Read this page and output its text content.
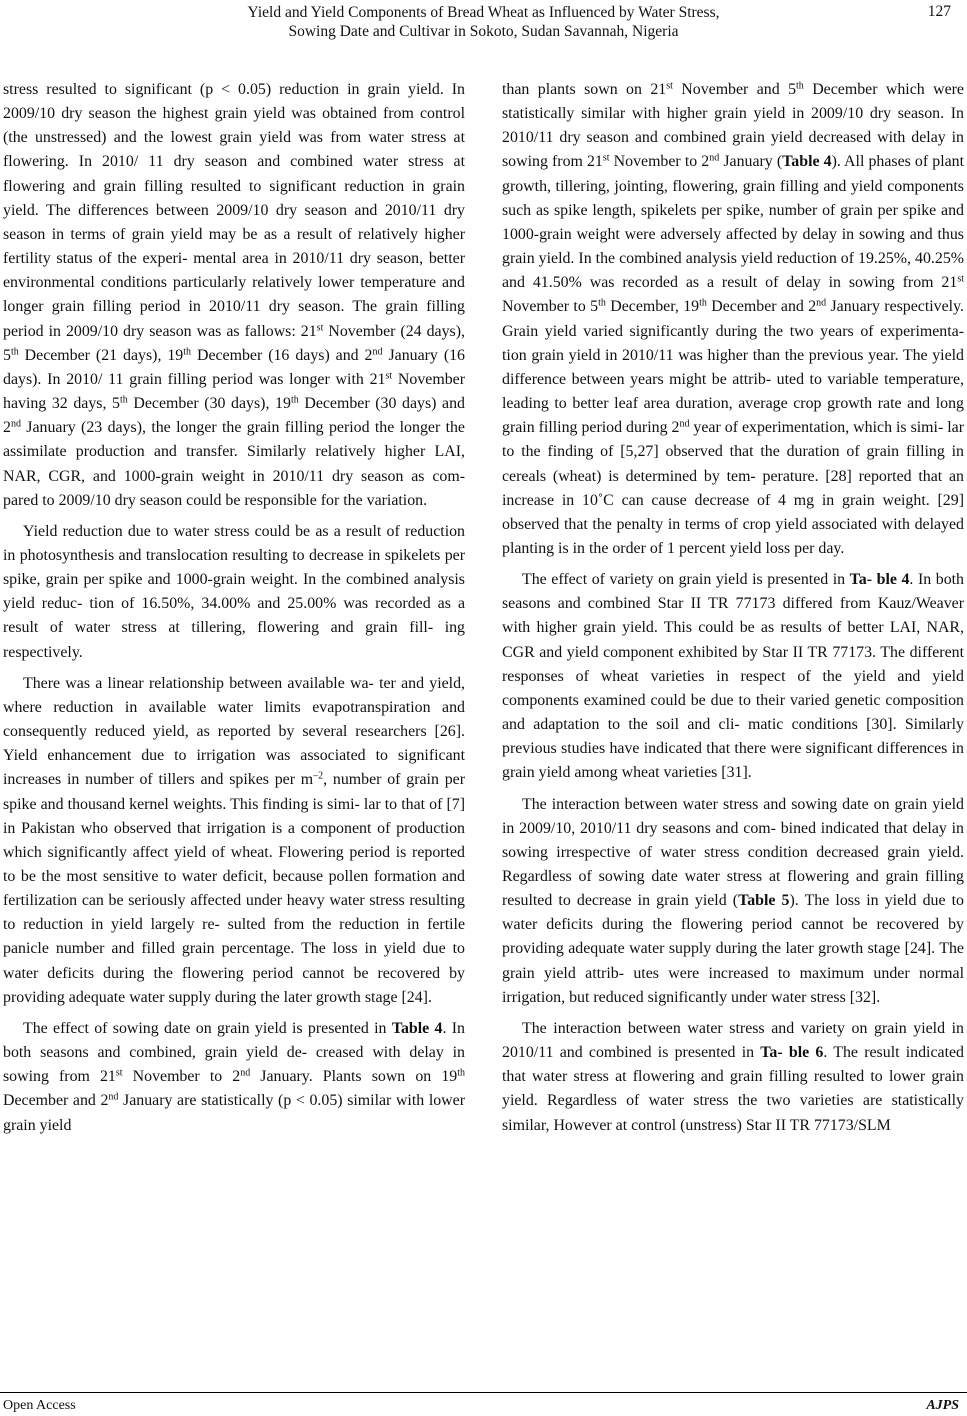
Yield and Yield Components of Bread Wheat as Influenced by Water Stress,
Sowing Date and Cultivar in Sokoto, Sudan Savannah, Nigeria
127

stress resulted to significant (p < 0.05) reduction in grain yield. In 2009/10 dry season the highest grain yield was obtained from control (the unstressed) and the lowest grain yield was from water stress at flowering. In 2010/ 11 dry season and combined water stress at flowering and grain filling resulted to significant reduction in grain yield. The differences between 2009/10 dry season and 2010/11 dry season in terms of grain yield may be as a result of relatively higher fertility status of the experi- mental area in 2010/11 dry season, better environmental conditions particularly relatively lower temperature and longer grain filling period in 2010/11 dry season. The grain filling period in 2009/10 dry season was as fallows: 21st November (24 days), 5th December (21 days), 19th December (16 days) and 2nd January (16 days). In 2010/ 11 grain filling period was longer with 21st November having 32 days, 5th December (30 days), 19th December (30 days) and 2nd January (23 days), the longer the grain filling period the longer the assimilate production and transfer. Similarly relatively higher LAI, NAR, CGR, and 1000-grain weight in 2010/11 dry season as com- pared to 2009/10 dry season could be responsible for the variation.

Yield reduction due to water stress could be as a result of reduction in photosynthesis and translocation resulting to decrease in spikelets per spike, grain per spike and 1000-grain weight. In the combined analysis yield reduc- tion of 16.50%, 34.00% and 25.00% was recorded as a result of water stress at tillering, flowering and grain fill- ing respectively.

There was a linear relationship between available wa- ter and yield, where reduction in available water limits evapotranspiration and consequently reduced yield, as reported by several researchers [26]. Yield enhancement due to irrigation was associated to significant increases in number of tillers and spikes per $m^{-2}$, number of grain per spike and thousand kernel weights. This finding is simi- lar to that of [7] in Pakistan who observed that irrigation is a component of production which significantly affect yield of wheat. Flowering period is reported to be the most sensitive to water deficit, because pollen formation and fertilization can be seriously affected under heavy water stress resulting to reduction in yield largely re- sulted from the reduction in fertile panicle number and filled grain percentage. The loss in yield due to water deficits during the flowering period cannot be recovered by providing adequate water supply during the later growth stage [24].

The effect of sowing date on grain yield is presented in Table 4. In both seasons and combined, grain yield de- creased with delay in sowing from 21st November to 2nd January. Plants sown on 19th December and 2nd January are statistically (p < 0.05) similar with lower grain yield

than plants sown on 21st November and 5th December which were statistically similar with higher grain yield in 2009/10 dry season. In 2010/11 dry season and combined grain yield decreased with delay in sowing from 21st November to 2nd January (Table 4). All phases of plant growth, tillering, jointing, flowering, grain filling and yield components such as spike length, spikelets per spike, number of grain per spike and 1000-grain weight were adversely affected by delay in sowing and thus grain yield. In the combined analysis yield reduction of 19.25%, 40.25% and 41.50% was recorded as a result of delay in sowing from 21st November to 5th December, 19th December and 2nd January respectively. Grain yield varied significantly during the two years of experimenta- tion grain yield in 2010/11 was higher than the previous year. The yield difference between years might be attrib- uted to variable temperature, leading to better leaf area duration, average crop growth rate and long grain filling period during 2nd year of experimentation, which is simi- lar to the finding of [5,27] observed that the duration of grain filling in cereals (wheat) is determined by tem- perature. [28] reported that an increase in 10˚C can cause decrease of 4 mg in grain weight. [29] observed that the penalty in terms of crop yield associated with delayed planting is in the order of 1 percent yield loss per day.

The effect of variety on grain yield is presented in Ta- ble 4. In both seasons and combined Star II TR 77173 differed from Kauz/Weaver with higher grain yield. This could be as results of better LAI, NAR, CGR and yield component exhibited by Star II TR 77173. The different responses of wheat varieties in respect of the yield and yield components examined could be due to their varied genetic composition and adaptation to the soil and cli- matic conditions [30]. Similarly previous studies have indicated that there were significant differences in grain yield among wheat varieties [31].

The interaction between water stress and sowing date on grain yield in 2009/10, 2010/11 dry seasons and com- bined indicated that delay in sowing irrespective of water stress condition decreased grain yield. Regardless of sowing date water stress at flowering and grain filling resulted to decrease in grain yield (Table 5). The loss in yield due to water deficits during the flowering period cannot be recovered by providing adequate water supply during the later growth stage [24]. The grain yield attrib- utes were increased to maximum under normal irrigation, but reduced significantly under water stress [32].

The interaction between water stress and variety on grain yield in 2010/11 and combined is presented in Ta- ble 6. The result indicated that water stress at flowering and grain filling resulted to lower grain yield. Regardless of water stress the two varieties are statistically similar, However at control (unstress) Star II TR 77173/SLM

Open Access	AJPS
